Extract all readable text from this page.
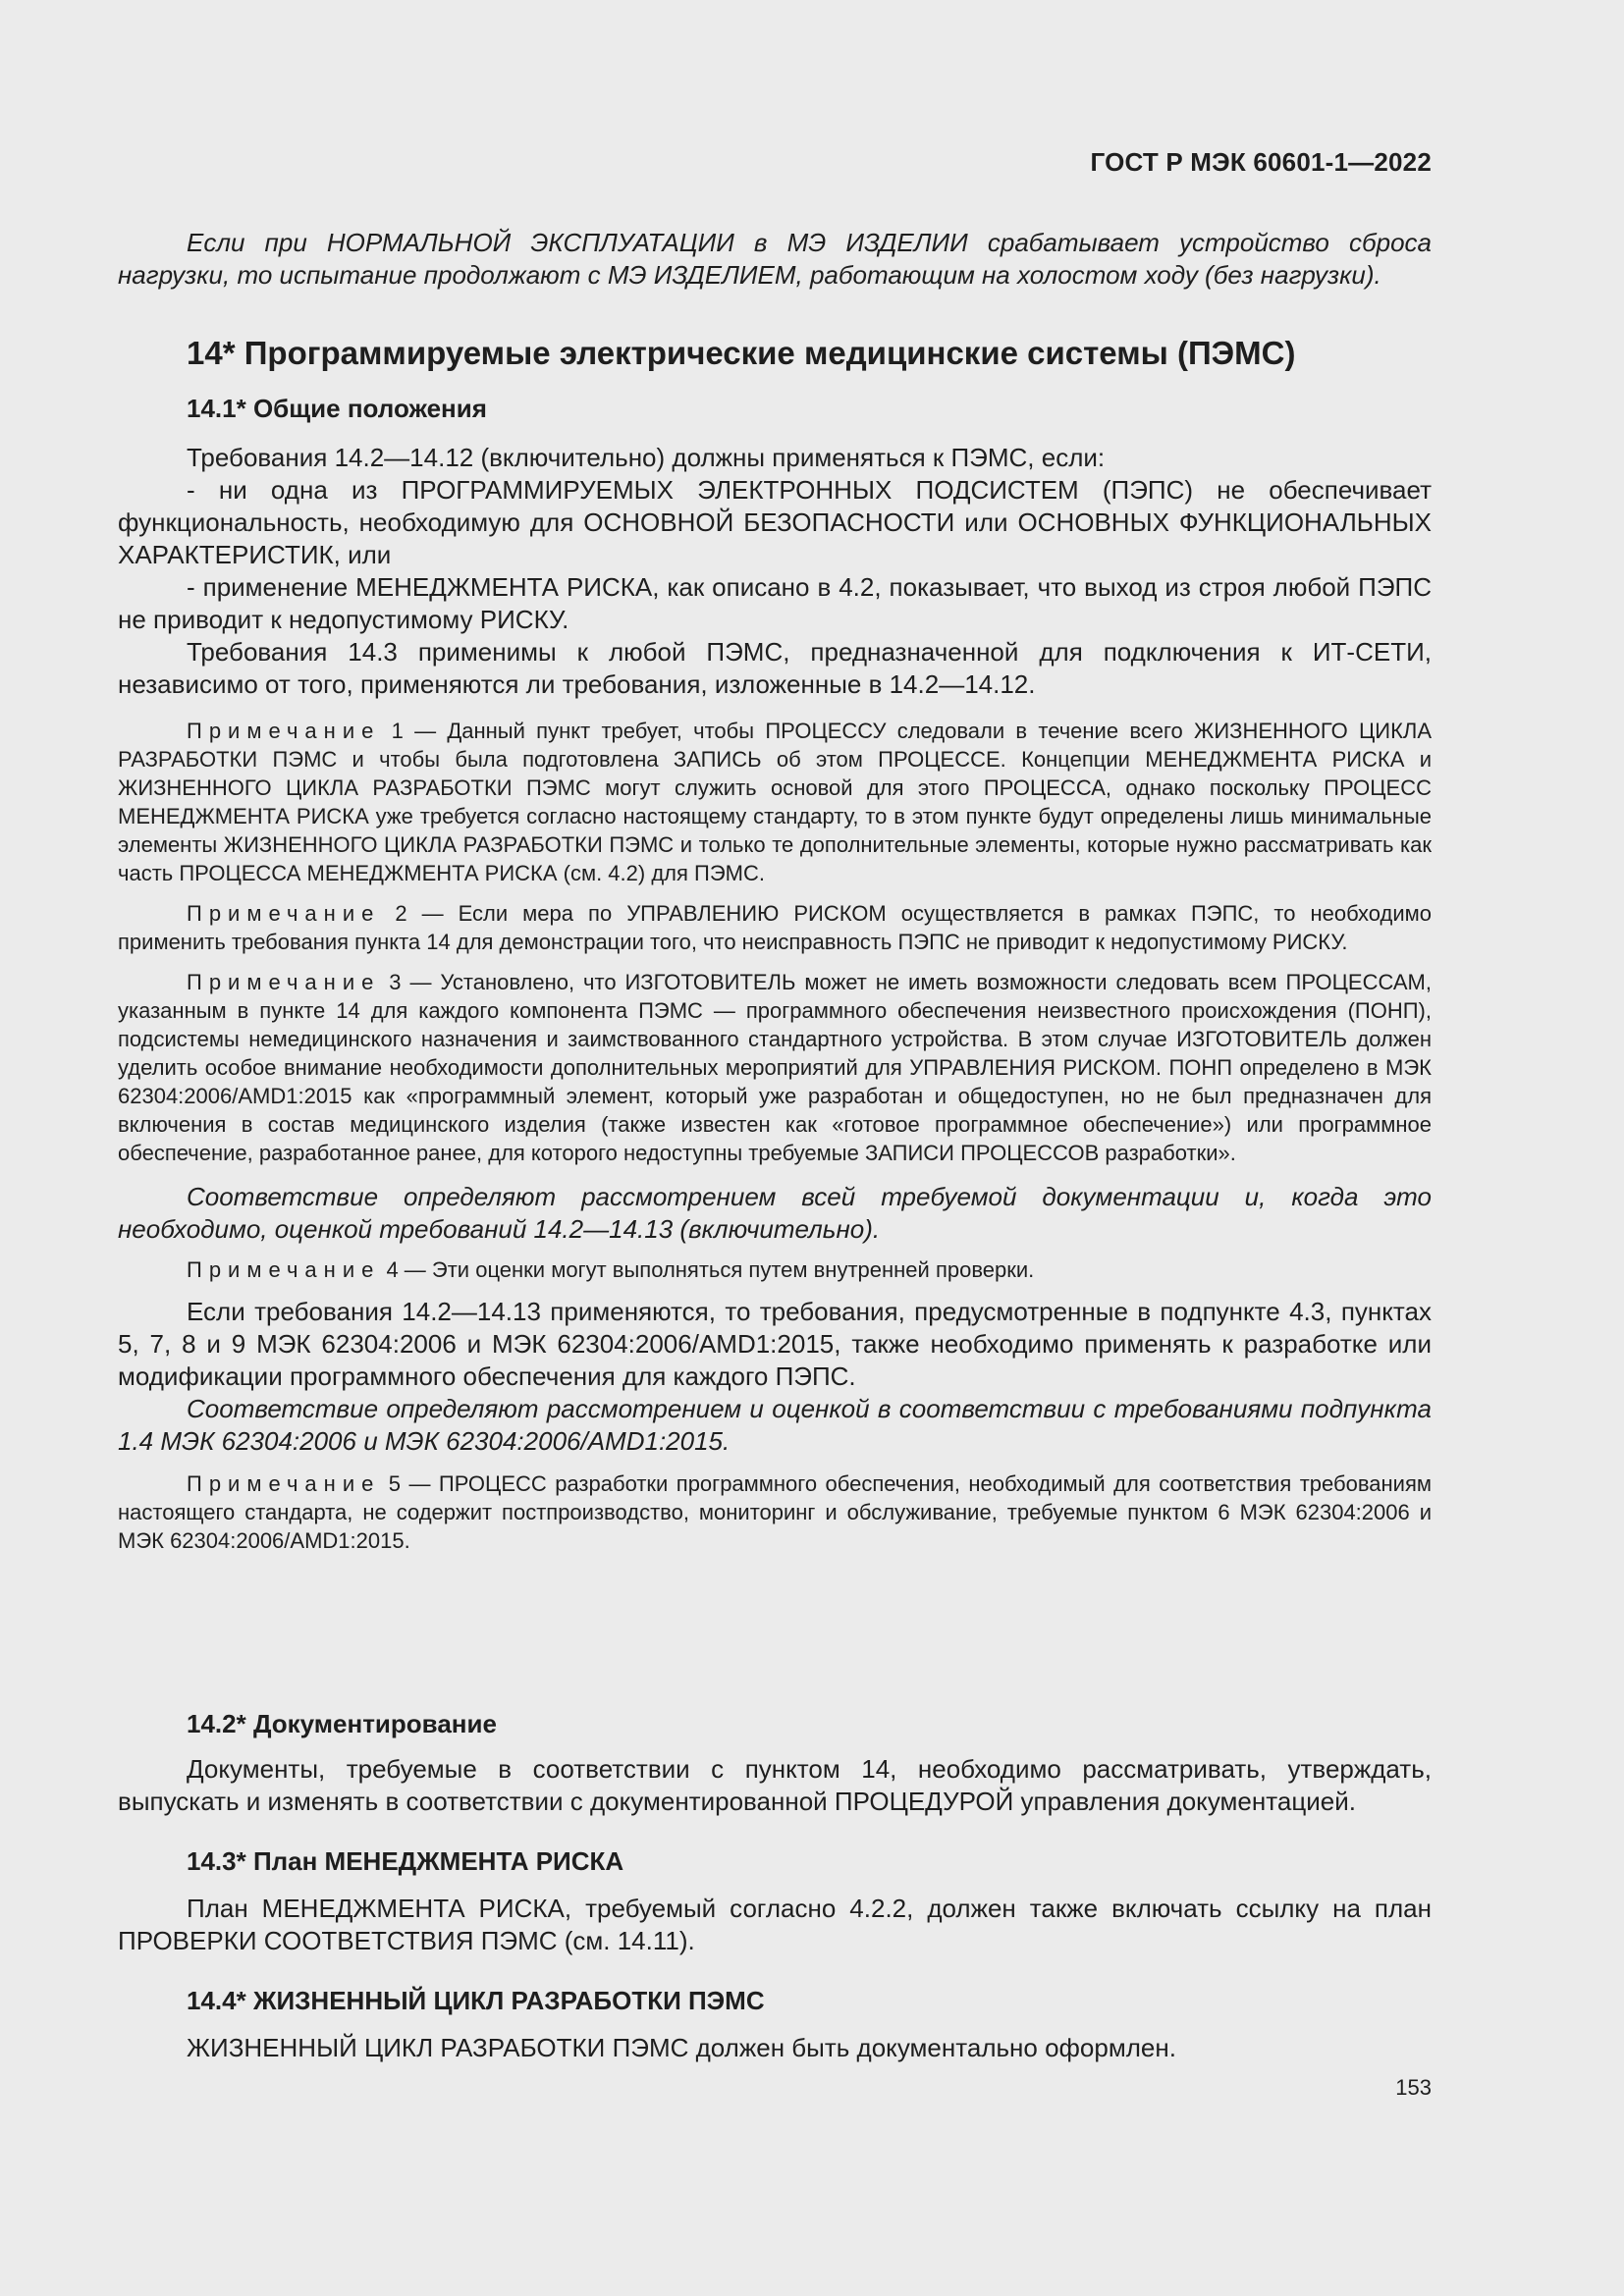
ГОСТ Р МЭК 60601-1—2022

Если при НОРМАЛЬНОЙ ЭКСПЛУАТАЦИИ в МЭ ИЗДЕЛИИ срабатывает устройство сброса нагрузки, то испытание продолжают с МЭ ИЗДЕЛИЕМ, работающим на холостом ходу (без нагрузки).

14* Программируемые электрические медицинские системы (ПЭМС)
14.1* Общие положения

Требования 14.2—14.12 (включительно) должны применяться к ПЭМС, если:

- ни одна из ПРОГРАММИРУЕМЫХ ЭЛЕКТРОННЫХ ПОДСИСТЕМ (ПЭПС) не обеспечивает функциональность, необходимую для ОСНОВНОЙ БЕЗОПАСНОСТИ или ОСНОВНЫХ ФУНКЦИОНАЛЬНЫХ ХАРАКТЕРИСТИК, или

- применение МЕНЕДЖМЕНТА РИСКА, как описано в 4.2, показывает, что выход из строя любой ПЭПС не приводит к недопустимому РИСКУ.

Требования 14.3 применимы к любой ПЭМС, предназначенной для подключения к ИТ-СЕТИ, независимо от того, применяются ли требования, изложенные в 14.2—14.12.

Примечание 1 — Данный пункт требует, чтобы ПРОЦЕССУ следовали в течение всего ЖИЗНЕННОГО ЦИКЛА РАЗРАБОТКИ ПЭМС и чтобы была подготовлена ЗАПИСЬ об этом ПРОЦЕССЕ. Концепции МЕНЕДЖМЕНТА РИСКА и ЖИЗНЕННОГО ЦИКЛА РАЗРАБОТКИ ПЭМС могут служить основой для этого ПРОЦЕССА, однако поскольку ПРОЦЕСС МЕНЕДЖМЕНТА РИСКА уже требуется согласно настоящему стандарту, то в этом пункте будут определены лишь минимальные элементы ЖИЗНЕННОГО ЦИКЛА РАЗРАБОТКИ ПЭМС и только те дополнительные элементы, которые нужно рассматривать как часть ПРОЦЕССА МЕНЕДЖМЕНТА РИСКА (см. 4.2) для ПЭМС.

Примечание 2 — Если мера по УПРАВЛЕНИЮ РИСКОМ осуществляется в рамках ПЭПС, то необходимо применить требования пункта 14 для демонстрации того, что неисправность ПЭПС не приводит к недопустимому РИСКУ.

Примечание 3 — Установлено, что ИЗГОТОВИТЕЛЬ может не иметь возможности следовать всем ПРОЦЕССАМ, указанным в пункте 14 для каждого компонента ПЭМС — программного обеспечения неизвестного происхождения (ПОНП), подсистемы немедицинского назначения и заимствованного стандартного устройства. В этом случае ИЗГОТОВИТЕЛЬ должен уделить особое внимание необходимости дополнительных мероприятий для УПРАВЛЕНИЯ РИСКОМ. ПОНП определено в МЭК 62304:2006/AMD1:2015 как «программный элемент, который уже разработан и общедоступен, но не был предназначен для включения в состав медицинского изделия (также известен как «готовое программное обеспечение») или программное обеспечение, разработанное ранее, для которого недоступны требуемые ЗАПИСИ ПРОЦЕССОВ разработки».

Соответствие определяют рассмотрением всей требуемой документации и, когда это необходимо, оценкой требований 14.2—14.13 (включительно).

Примечание 4 — Эти оценки могут выполняться путем внутренней проверки.

Если требования 14.2—14.13 применяются, то требования, предусмотренные в подпункте 4.3, пунктах 5, 7, 8 и 9 МЭК 62304:2006 и МЭК 62304:2006/AMD1:2015, также необходимо применять к разработке или модификации программного обеспечения для каждого ПЭПС.

Соответствие определяют рассмотрением и оценкой в соответствии с требованиями подпункта 1.4 МЭК 62304:2006 и МЭК 62304:2006/AMD1:2015.

Примечание 5 — ПРОЦЕСС разработки программного обеспечения, необходимый для соответствия требованиям настоящего стандарта, не содержит постпроизводство, мониторинг и обслуживание, требуемые пунктом 6 МЭК 62304:2006 и МЭК 62304:2006/AMD1:2015.

14.2* Документирование

Документы, требуемые в соответствии с пунктом 14, необходимо рассматривать, утверждать, выпускать и изменять в соответствии с документированной ПРОЦЕДУРОЙ управления документацией.

14.3* План МЕНЕДЖМЕНТА РИСКА

План МЕНЕДЖМЕНТА РИСКА, требуемый согласно 4.2.2, должен также включать ссылку на план ПРОВЕРКИ СООТВЕТСТВИЯ ПЭМС (см. 14.11).

14.4* ЖИЗНЕННЫЙ ЦИКЛ РАЗРАБОТКИ ПЭМС

ЖИЗНЕННЫЙ ЦИКЛ РАЗРАБОТКИ ПЭМС должен быть документально оформлен.

153
